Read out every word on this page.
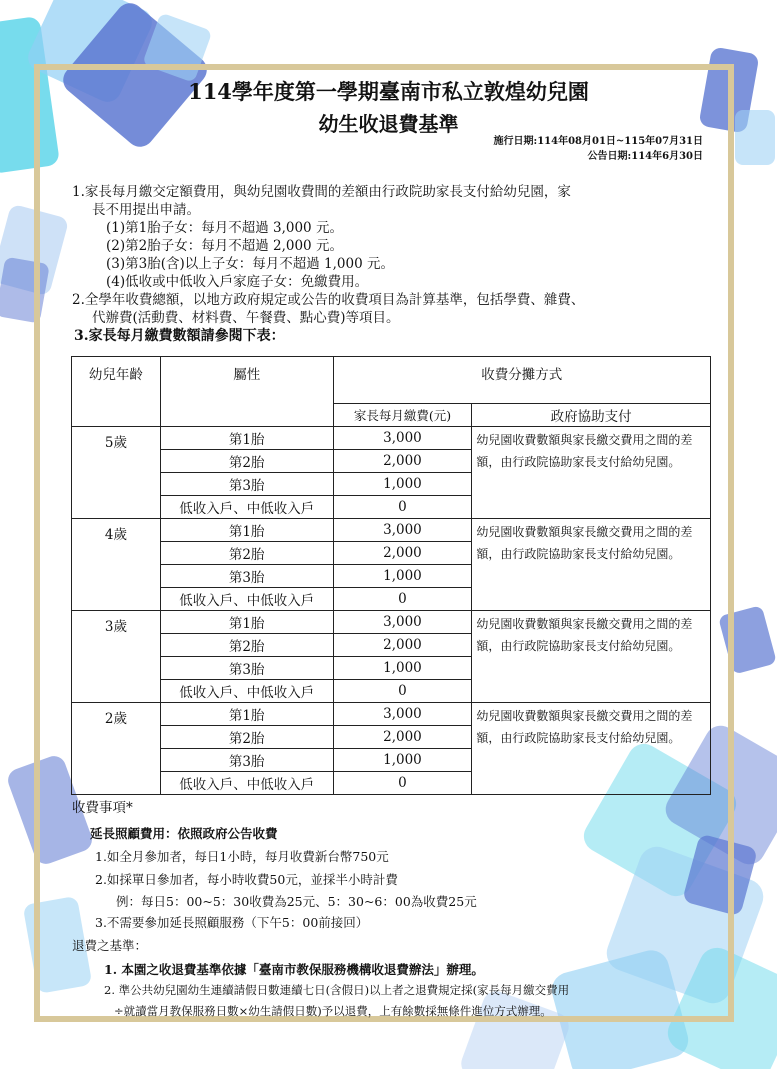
114學年度第一學期臺南市私立敦煌幼兒園
幼生收退費基準
施行日期:114年08月01日~115年07月31日
公告日期:114年6月30日
1.家長每月繳交定額費用，與幼兒園收費間的差額由行政院助家長支付給幼兒園，家
長不用提出申請。
(1)第1胎子女：每月不超過 3,000 元。
(2)第2胎子女：每月不超過 2,000 元。
(3)第3胎(含)以上子女：每月不超過 1,000 元。
(4)低收或中低收入戶家庭子女：免繳費用。
2.全學年收費總額，以地方政府規定或公告的收費項目為計算基準，包括學費、雜費、
代辦費(活動費、材料費、午餐費、點心費)等項目。
3.家長每月繳費數額請參閱下表：
幼兒年齡	屬性	收費分攤方式	
		家長每月繳費(元)	政府協助支付
5歲	第1胎	3,000	幼兒園收費數額與家長繳交費用之間的差額，由行政院協助家長支付給幼兒園。
	第2胎	2,000	
	第3胎	1,000	
	低收入戶、中低收入戶	0	
4歲	第1胎	3,000	幼兒園收費數額與家長繳交費用之間的差額，由行政院協助家長支付給幼兒園。
	第2胎	2,000	
	第3胎	1,000	
	低收入戶、中低收入戶	0	
3歲	第1胎	3,000	幼兒園收費數額與家長繳交費用之間的差額，由行政院協助家長支付給幼兒園。
	第2胎	2,000	
	第3胎	1,000	
	低收入戶、中低收入戶	0	
2歲	第1胎	3,000	幼兒園收費數額與家長繳交費用之間的差額，由行政院協助家長支付給幼兒園。
	第2胎	2,000	
	第3胎	1,000	
	低收入戶、中低收入戶	0	
收費事項*
延長照顧費用：依照政府公告收費
1.如全月參加者，每日1小時，每月收費新台幣750元
2.如採單日參加者，每小時收費50元，並採半小時計費
例：每日5：00~5：30收費為25元、5：30~6：00為收費25元
3.不需要參加延長照顧服務（下午5：00前接回）
退費之基準：
1. 本園之收退費基準依據「臺南市教保服務機構收退費辦法」辦理。
2. 準公共幼兒園幼生連續請假日數連續七日(含假日)以上者之退費規定採(家長每月繳交費用
÷就讀當月教保服務日數×幼生請假日數)予以退費，上有餘數採無條件進位方式辦理。
